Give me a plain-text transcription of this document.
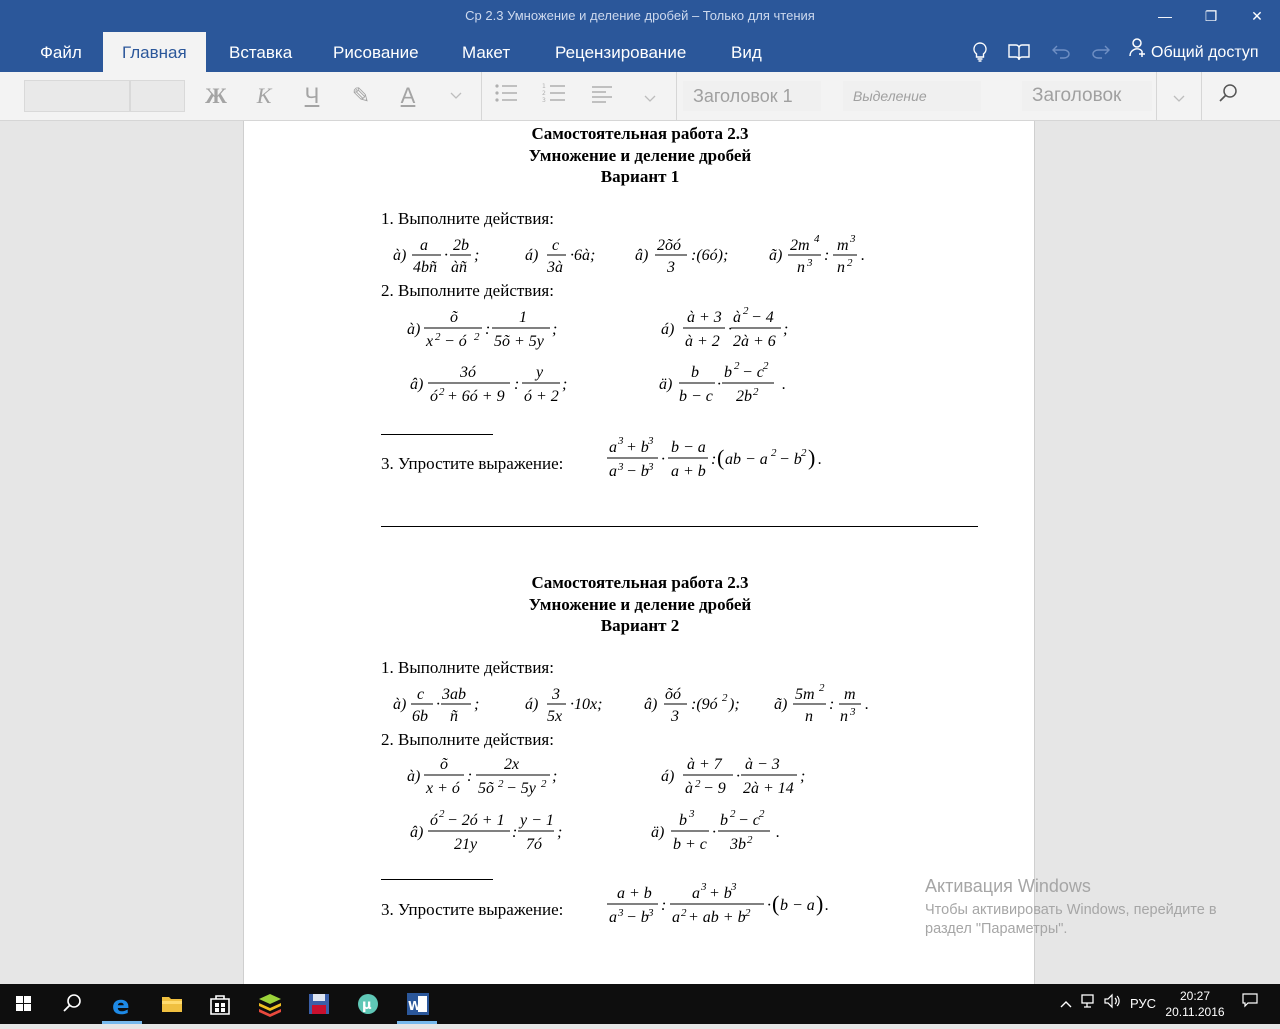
Ср 2.3 Умножение и деление дробей – Только для чтения	—	❐	✕
Файл	Главная	Вставка	Рисование	Макет	Рецензирование	Вид	Общий доступ
Ж	К	Ч	✎	А	1
2
3	Заголовок 1	Выделение	Заголовок
Самостоятельная работа 2.3
Умножение и деление дробей
Вариант 1
1. Выполните действия:
à)
a
4bñ
·
2b
àñ
;	á)
c
3à
·6à; â)
2õó
3
:(6ó);	ã)
2m 4
n 3 :
m 3
n 2 .
2. Выполните действия:
à)
õ
x 2 − ó 2 :
1
5õ + 5y
;
â)
3ó
ó 2 + 6ó + 9
:
y
ó + 2
;
á)
à + 3
à + 2
·
à 2 − 4
2à + 6
;
ä)
b
b − c
·
b 2 − c 2
2b 2 .
3. Упростите выражение:
a 3 + b 3
a 3 − b 3 ·
b − a
a + b
: ( ab − a 2 − b 2 ) .
Самостоятельная работа 2.3
Умножение и деление дробей
Вариант 2
1. Выполните действия:
à)
c
6b
·
3ab
ñ
;	á)
3
5x
·10x;	â)
õó
3
:(9ó 2 ); ã)
5m 2
n
:
m
n 3 .
2. Выполните действия:
à)
õ
x + ó
:
2x
5õ 2 − 5y 2 ;
â)
ó 2 − 2ó + 1
21y
:
y − 1
7ó
;
á)
à + 7
à 2 − 9
·
à − 3
2à + 14
;
ä)
b 3
b + c
·
b 2 − c 2
3b 2 .
3. Упростите выражение:
a + b
a 3 − b 3 :
a 3 + b 3
a 2 + ab + b 2 · ( b − a ) .
Активация Windows
Чтобы активировать Windows, перейдите в
раздел "Параметры".
e	µ	W	РУС	20:27
20.11.2016
